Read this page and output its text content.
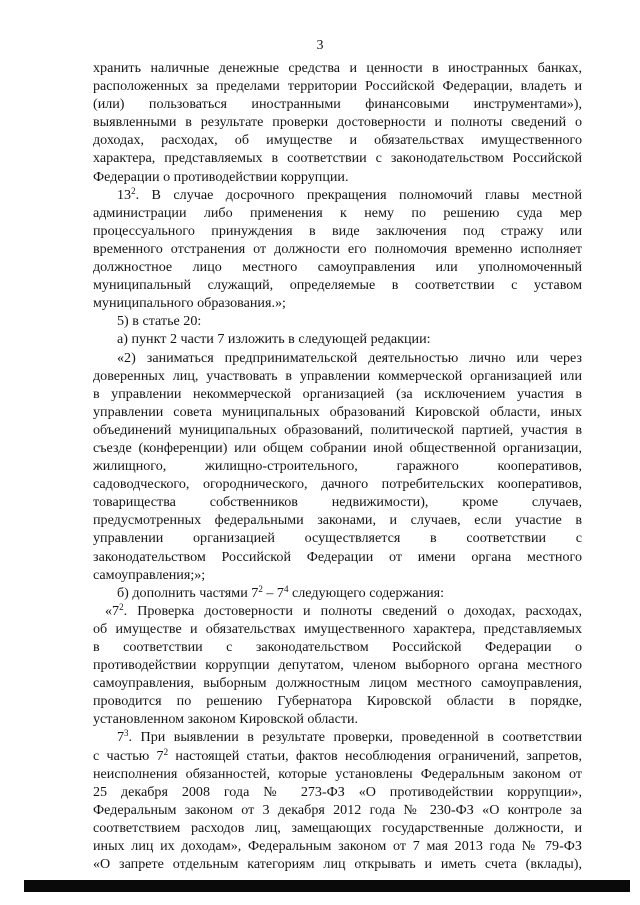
3

хранить наличные денежные средства и ценности в иностранных банках,

расположенных за пределами территории Российской Федерации, владеть и

(или) пользоваться иностранными финансовыми инструментами»),

выявленными в результате проверки достоверности и полноты сведений о

доходах, расходах, об имуществе и обязательствах имущественного

характера, представляемых в соответствии с законодательством Российской

Федерации о противодействии коррупции.

$13^2$. В случае досрочного прекращения полномочий главы местной

администрации либо применения к нему по решению суда мер

процессуального принуждения в виде заключения под стражу или

временного отстранения от должности его полномочия временно исполняет

должностное лицо местного самоуправления или уполномоченный

муниципальный служащий, определяемые в соответствии с уставом

муниципального образования.»;

5) в статье 20:

а) пункт 2 части 7 изложить в следующей редакции:

«2) заниматься предпринимательской деятельностью лично или через

доверенных лиц, участвовать в управлении коммерческой организацией или

в управлении некоммерческой организацией (за исключением участия в

управлении совета муниципальных образований Кировской области, иных

объединений муниципальных образований, политической партией, участия в

съезде (конференции) или общем собрании иной общественной организации,

жилищного, жилищно-строительного, гаражного кооперативов,

садоводческого, огороднического, дачного потребительских кооперативов,

товарищества собственников недвижимости), кроме случаев,

предусмотренных федеральными законами, и случаев, если участие в

управлении организацией осуществляется в соответствии с

законодательством Российской Федерации от имени органа местного

самоуправления;»;

б) дополнить частями $7^2 - 7^4$ следующего содержания:

«$7^2$. Проверка достоверности и полноты сведений о доходах, расходах,

об имуществе и обязательствах имущественного характера, представляемых

в соответствии с законодательством Российской Федерации о

противодействии коррупции депутатом, членом выборного органа местного

самоуправления, выборным должностным лицом местного самоуправления,

проводится по решению Губернатора Кировской области в порядке,

установленном законом Кировской области.

$7^3$. При выявлении в результате проверки, проведенной в соответствии

с частью $7^2$ настоящей статьи, фактов несоблюдения ограничений, запретов,

неисполнения обязанностей, которые установлены Федеральным законом от

25 декабря 2008 года № 273-ФЗ «О противодействии коррупции»,

Федеральным законом от 3 декабря 2012 года № 230-ФЗ «О контроле за

соответствием расходов лиц, замещающих государственные должности, и

иных лиц их доходам», Федеральным законом от 7 мая 2013 года № 79-ФЗ

«О запрете отдельным категориям лиц открывать и иметь счета (вклады),
